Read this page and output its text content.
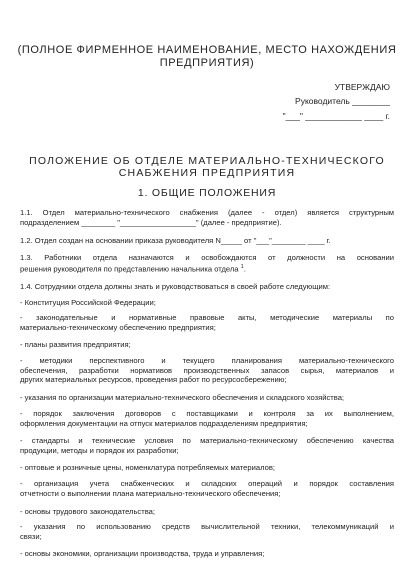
(ПОЛНОЕ ФИРМЕННОЕ НАИМЕНОВАНИЕ, МЕСТО НАХОЖДЕНИЯ
ПРЕДПРИЯТИЯ)
УТВЕРЖДАЮ
Руководитель ________
"___" ____________ ____ г.
ПОЛОЖЕНИЕ ОБ ОТДЕЛЕ МАТЕРИАЛЬНО-ТЕХНИЧЕСКОГО
СНАБЖЕНИЯ ПРЕДПРИЯТИЯ
1. ОБЩИЕ ПОЛОЖЕНИЯ
1.1. Отдел материально-технического снабжения (далее - отдел) является структурным
подразделением ________ "__________________" (далее - предприятие).
1.2. Отдел создан на основании приказа руководителя N_____ от "___"________ ____ г.
1.3. Работники отдела назначаются и освобождаются от должности на основании
решения руководителя по представлению начальника отдела $^1$.
1.4. Сотрудники отдела должны знать и руководствоваться в своей работе следующим:
- Конституция Российской Федерации;
- законодательные и нормативные правовые акты, методические материалы по
материально-техническому обеспечению предприятия;
- планы развития предприятия;
- методики перспективного и текущего планирования материально-технического
обеспечения, разработки нормативов производственных запасов сырья, материалов и
других материальных ресурсов, проведения работ по ресурсосбережению;
- указания по организации материально-технического обеспечения и складского хозяйства;
- порядок заключения договоров с поставщиками и контроля за их выполнением,
оформления документации на отпуск материалов подразделениям предприятия;
- стандарты и технические условия по материально-техническому обеспечению качества
продукции, методы и порядок их разработки;
- оптовые и розничные цены, номенклатура потребляемых материалов;
- организация учета снабженческих и складских операций и порядок составления
отчетности о выполнении плана материально-технического обеспечения;
- основы трудового законодательства;
- указания по использованию средств вычислительной техники, телекоммуникаций и
связи;
- основы экономики, организации производства, труда и управления;
